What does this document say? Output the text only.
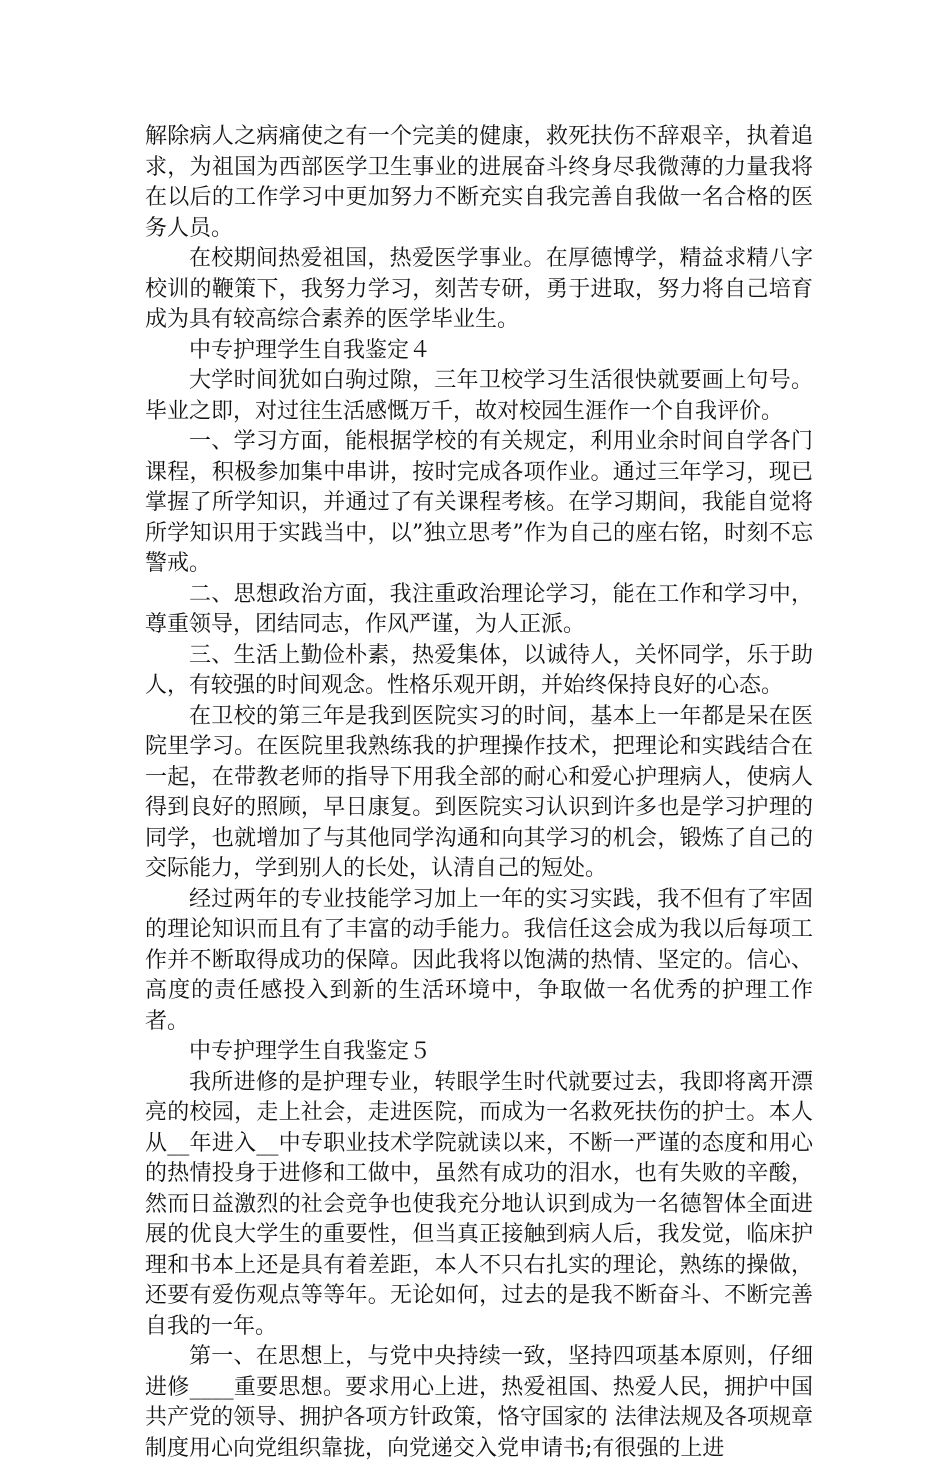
解除病人之病痛使之有一个完美的健康，救死扶伤不辞艰辛，执着追求，为祖国为西部医学卫生事业的进展奋斗终身尽我微薄的力量我将在以后的工作学习中更加努力不断充实自我完善自我做一名合格的医务人员。

在校期间热爱祖国，热爱医学事业。在厚德博学，精益求精八字校训的鞭策下，我努力学习，刻苦专研，勇于进取，努力将自己培育成为具有较高综合素养的医学毕业生。

中专护理学生自我鉴定４

大学时间犹如白驹过隙，三年卫校学习生活很快就要画上句号。毕业之即，对过往生活感慨万千，故对校园生涯作一个自我评价。

一、学习方面，能根据学校的有关规定，利用业余时间自学各门课程，积极参加集中串讲，按时完成各项作业。通过三年学习，现已掌握了所学知识，并通过了有关课程考核。在学习期间，我能自觉将所学知识用于实践当中，以”独立思考”作为自己的座右铭，时刻不忘警戒。

二、思想政治方面，我注重政治理论学习，能在工作和学习中，尊重领导，团结同志，作风严谨，为人正派。

三、生活上勤俭朴素，热爱集体，以诚待人，关怀同学，乐于助人，有较强的时间观念。性格乐观开朗，并始终保持良好的心态。

在卫校的第三年是我到医院实习的时间，基本上一年都是呆在医院里学习。在医院里我熟练我的护理操作技术，把理论和实践结合在一起，在带教老师的指导下用我全部的耐心和爱心护理病人，使病人得到良好的照顾，早日康复。到医院实习认识到许多也是学习护理的同学，也就增加了与其他同学沟通和向其学习的机会，锻炼了自己的交际能力，学到别人的长处，认清自己的短处。

经过两年的专业技能学习加上一年的实习实践，我不但有了牢固的理论知识而且有了丰富的动手能力。我信任这会成为我以后每项工作并不断取得成功的保障。因此我将以饱满的热情、坚定的。信心、高度的责任感投入到新的生活环境中，争取做一名优秀的护理工作者。

中专护理学生自我鉴定５

我所进修的是护理专业，转眼学生时代就要过去，我即将离开漂亮的校园，走上社会，走进医院，而成为一名救死扶伤的护士。本人从__年进入__中专职业技术学院就读以来，不断一严谨的态度和用心的热情投身于进修和工做中，虽然有成功的泪水，也有失败的辛酸，然而日益激烈的社会竞争也使我充分地认识到成为一名德智体全面进展的优良大学生的重要性，但当真正接触到病人后，我发觉，临床护理和书本上还是具有着差距，本人不只右扎实的理论，熟练的操做，还要有爱伤观点等等年。无论如何，过去的是我不断奋斗、不断完善自我的一年。

第一、在思想上，与党中央持续一致，坚持四项基本原则，仔细进修____重要思想。要求用心上进，热爱祖国、热爱人民，拥护中国共产党的领导、拥护各项方针政策，恪守国家的 法律法规及各项规章制度用心向党组织靠拢，向党递交入党申请书;有很强的上进
